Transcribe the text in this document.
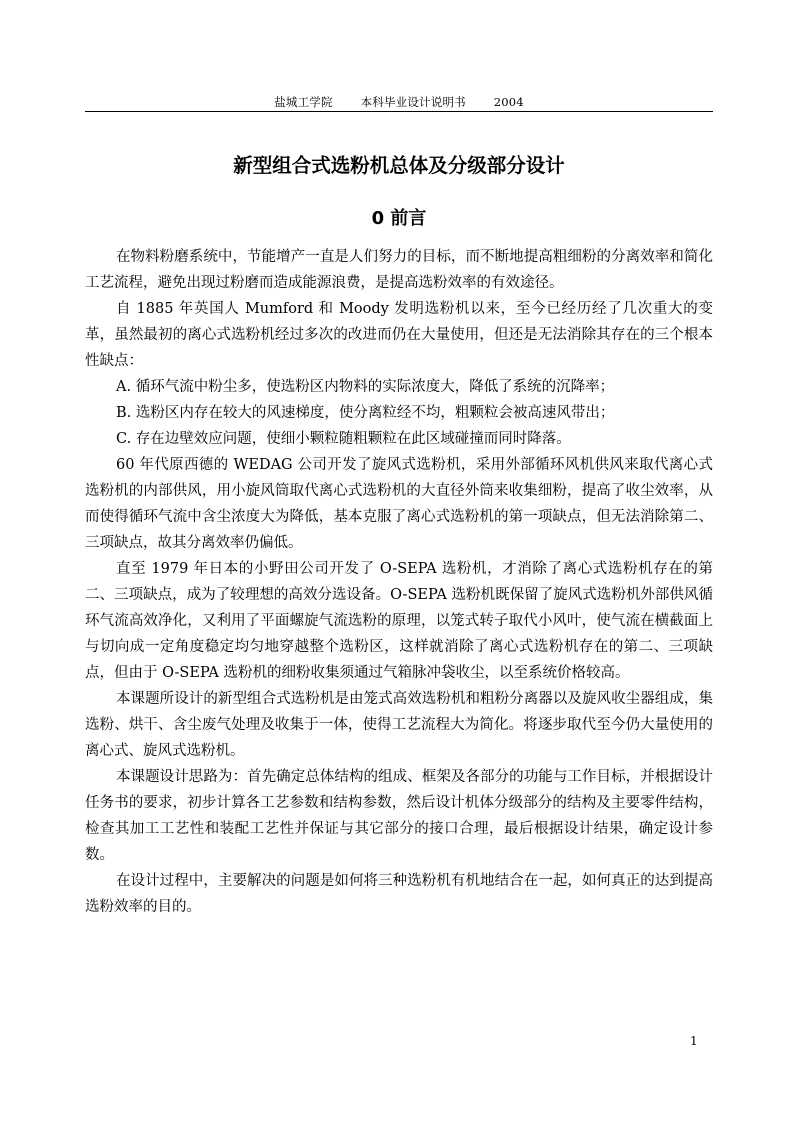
盐城工学院 本科毕业设计说明书 2004
新型组合式选粉机总体及分级部分设计
0 前言

在物料粉磨系统中，节能增产一直是人们努力的目标，而不断地提高粗细粉的分离效率和简化工艺流程，避免出现过粉磨而造成能源浪费，是提高选粉效率的有效途径。

自 1885 年英国人 Mumford 和 Moody 发明选粉机以来，至今已经历经了几次重大的变革，虽然最初的离心式选粉机经过多次的改进而仍在大量使用，但还是无法消除其存在的三个根本性缺点：

A. 循环气流中粉尘多，使选粉区内物料的实际浓度大，降低了系统的沉降率；

B. 选粉区内存在较大的风速梯度，使分离粒经不均，粗颗粒会被高速风带出；

C. 存在边壁效应问题，使细小颗粒随粗颗粒在此区域碰撞而同时降落。

60 年代原西德的 WEDAG 公司开发了旋风式选粉机，采用外部循环风机供风来取代离心式选粉机的内部供风，用小旋风筒取代离心式选粉机的大直径外筒来收集细粉，提高了收尘效率，从而使得循环气流中含尘浓度大为降低，基本克服了离心式选粉机的第一项缺点，但无法消除第二、三项缺点，故其分离效率仍偏低。

直至 1979 年日本的小野田公司开发了 O-SEPA 选粉机，才消除了离心式选粉机存在的第二、三项缺点，成为了较理想的高效分选设备。O-SEPA 选粉机既保留了旋风式选粉机外部供风循环气流高效净化，又利用了平面螺旋气流选粉的原理，以笼式转子取代小风叶，使气流在横截面上与切向成一定角度稳定均匀地穿越整个选粉区，这样就消除了离心式选粉机存在的第二、三项缺点，但由于 O-SEPA 选粉机的细粉收集须通过气箱脉冲袋收尘，以至系统价格较高。

本课题所设计的新型组合式选粉机是由笼式高效选粉机和粗粉分离器以及旋风收尘器组成，集选粉、烘干、含尘废气处理及收集于一体，使得工艺流程大为简化。将逐步取代至今仍大量使用的离心式、旋风式选粉机。

本课题设计思路为：首先确定总体结构的组成、框架及各部分的功能与工作目标，并根据设计任务书的要求，初步计算各工艺参数和结构参数，然后设计机体分级部分的结构及主要零件结构，检查其加工工艺性和装配工艺性并保证与其它部分的接口合理，最后根据设计结果，确定设计参数。

在设计过程中，主要解决的问题是如何将三种选粉机有机地结合在一起，如何真正的达到提高选粉效率的目的。

1
